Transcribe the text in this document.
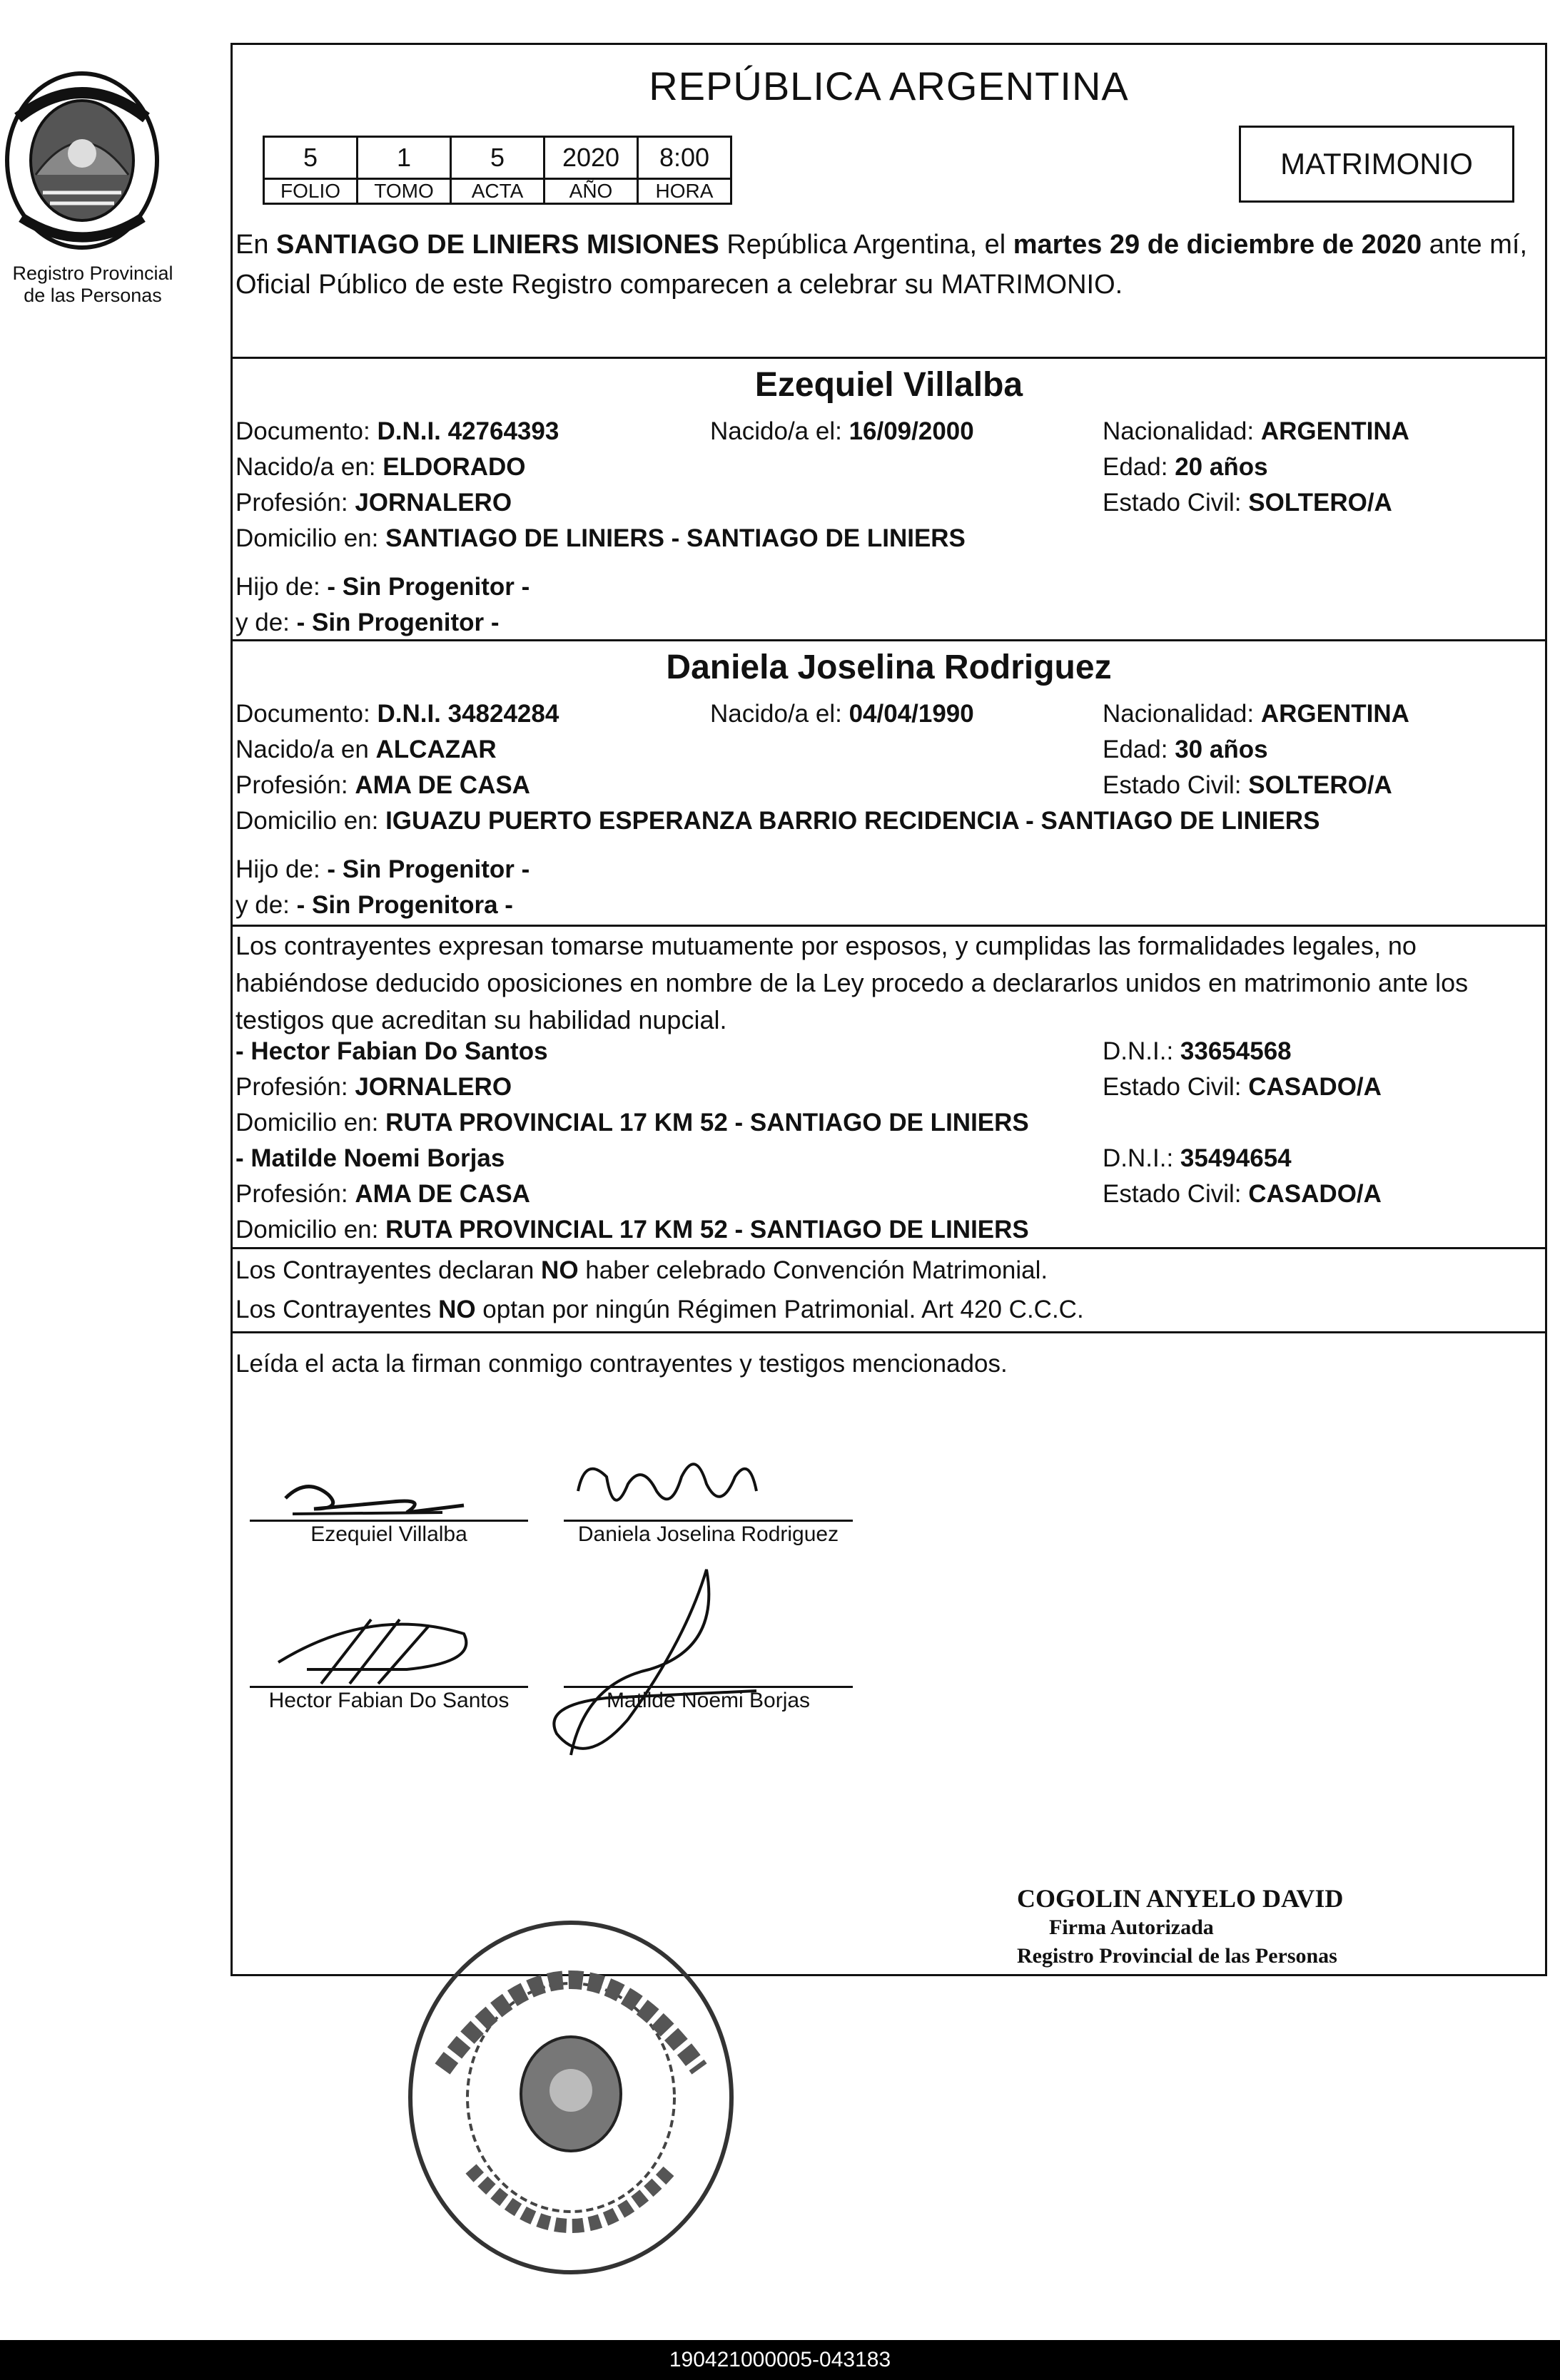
Registro Provincial
de las Personas
REPÚBLICA ARGENTINA
5	1	5	2020	8:00
FOLIO	TOMO	ACTA	AÑO	HORA
MATRIMONIO
En SANTIAGO DE LINIERS MISIONES República Argentina, el martes 29 de diciembre de 2020 ante mí, Oficial Público de este Registro comparecen a celebrar su MATRIMONIO.
Ezequiel Villalba
Documento: D.N.I. 42764393	Nacido/a el: 16/09/2000	Nacionalidad: ARGENTINA
Nacido/a en: ELDORADO	Edad: 20 años
Profesión: JORNALERO	Estado Civil: SOLTERO/A
Domicilio en: SANTIAGO DE LINIERS - SANTIAGO DE LINIERS
Hijo de: - Sin Progenitor -
y de: - Sin Progenitor -
Daniela Joselina Rodriguez
Documento: D.N.I. 34824284	Nacido/a el: 04/04/1990	Nacionalidad: ARGENTINA
Nacido/a en ALCAZAR	Edad: 30 años
Profesión: AMA DE CASA	Estado Civil: SOLTERO/A
Domicilio en: IGUAZU PUERTO ESPERANZA BARRIO RECIDENCIA - SANTIAGO DE LINIERS
Hijo de: - Sin Progenitor -
y de: - Sin Progenitora -
Los contrayentes expresan tomarse mutuamente por esposos, y cumplidas las formalidades legales, no habiéndose deducido oposiciones en nombre de la Ley procedo a declararlos unidos en matrimonio ante los testigos que acreditan su habilidad nupcial.
- Hector Fabian Do Santos	D.N.I.: 33654568
Profesión: JORNALERO	Estado Civil: CASADO/A
Domicilio en: RUTA PROVINCIAL 17 KM 52 - SANTIAGO DE LINIERS
- Matilde Noemi Borjas	D.N.I.: 35494654
Profesión: AMA DE CASA	Estado Civil: CASADO/A
Domicilio en: RUTA PROVINCIAL 17 KM 52 - SANTIAGO DE LINIERS
Los Contrayentes declaran NO haber celebrado Convención Matrimonial.
Los Contrayentes NO optan por ningún Régimen Patrimonial. Art 420 C.C.C.
Leída el acta la firman conmigo contrayentes y testigos mencionados.
Ezequiel Villalba	Daniela Joselina Rodriguez
Hector Fabian Do Santos	Matilde Noemi Borjas
COGOLIN ANYELO DAVID
Firma Autorizada
Registro Provincial de las Personas
190421000005-043183
